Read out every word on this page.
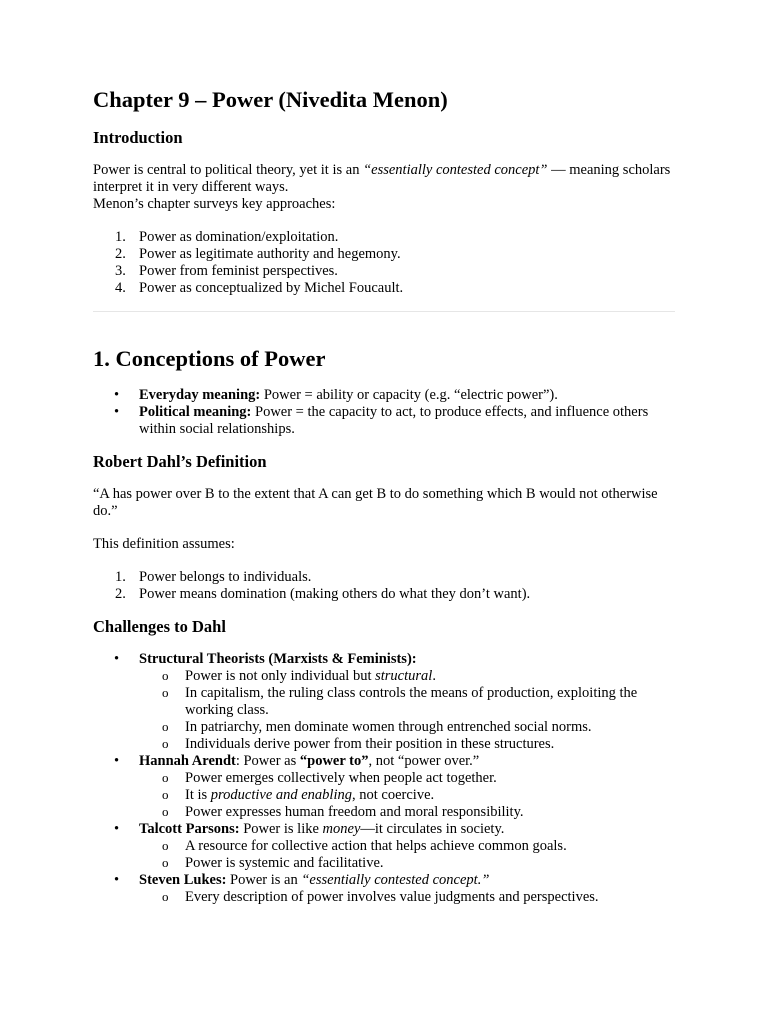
Chapter 9 – Power (Nivedita Menon)
Introduction

Power is central to political theory, yet it is an “essentially contested concept” — meaning scholars interpret it in very different ways.

Menon’s chapter surveys key approaches:

1. Power as domination/exploitation.
2. Power as legitimate authority and hegemony.
3. Power from feminist perspectives.
4. Power as conceptualized by Michel Foucault.
1. Conceptions of Power
• Everyday meaning: Power = ability or capacity (e.g. “electric power”).
• Political meaning: Power = the capacity to act, to produce effects, and influence others within social relationships.
Robert Dahl’s Definition

“A has power over B to the extent that A can get B to do something which B would not otherwise do.”

This definition assumes:

1. Power belongs to individuals.
2. Power means domination (making others do what they don’t want).
Challenges to Dahl
• Structural Theorists (Marxists & Feminists):
o Power is not only individual but structural.
o In capitalism, the ruling class controls the means of production, exploiting the working class.
o In patriarchy, men dominate women through entrenched social norms.
o Individuals derive power from their position in these structures.
• Hannah Arendt: Power as “power to”, not “power over.”
o Power emerges collectively when people act together.
o It is productive and enabling, not coercive.
o Power expresses human freedom and moral responsibility.
• Talcott Parsons: Power is like money—it circulates in society.
o A resource for collective action that helps achieve common goals.
o Power is systemic and facilitative.
• Steven Lukes: Power is an “essentially contested concept.”
o Every description of power involves value judgments and perspectives.
